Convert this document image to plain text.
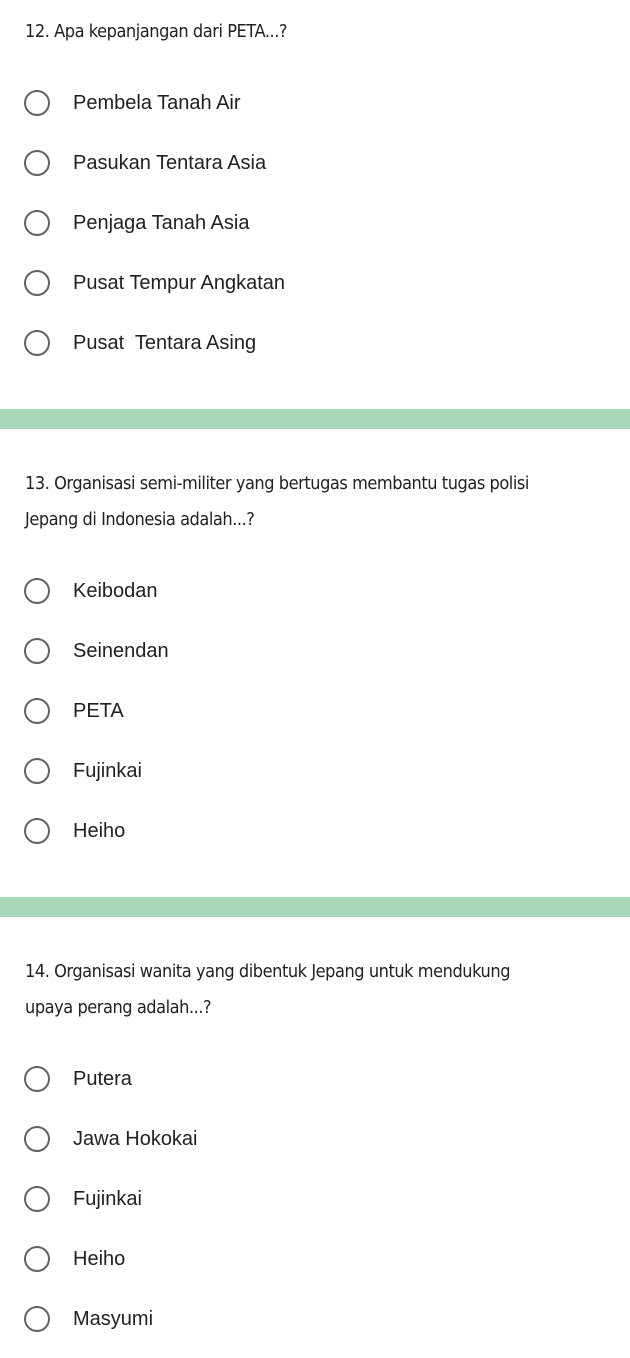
12. Apa kepanjangan dari PETA...?
Pembela Tanah Air
Pasukan Tentara Asia
Penjaga Tanah Asia
Pusat Tempur Angkatan
Pusat  Tentara Asing
13. Organisasi semi-militer yang bertugas membantu tugas polisi Jepang di Indonesia adalah...?
Keibodan
Seinendan
PETA
Fujinkai
Heiho
14. Organisasi wanita yang dibentuk Jepang untuk mendukung upaya perang adalah...?
Putera
Jawa Hokokai
Fujinkai
Heiho
Masyumi
